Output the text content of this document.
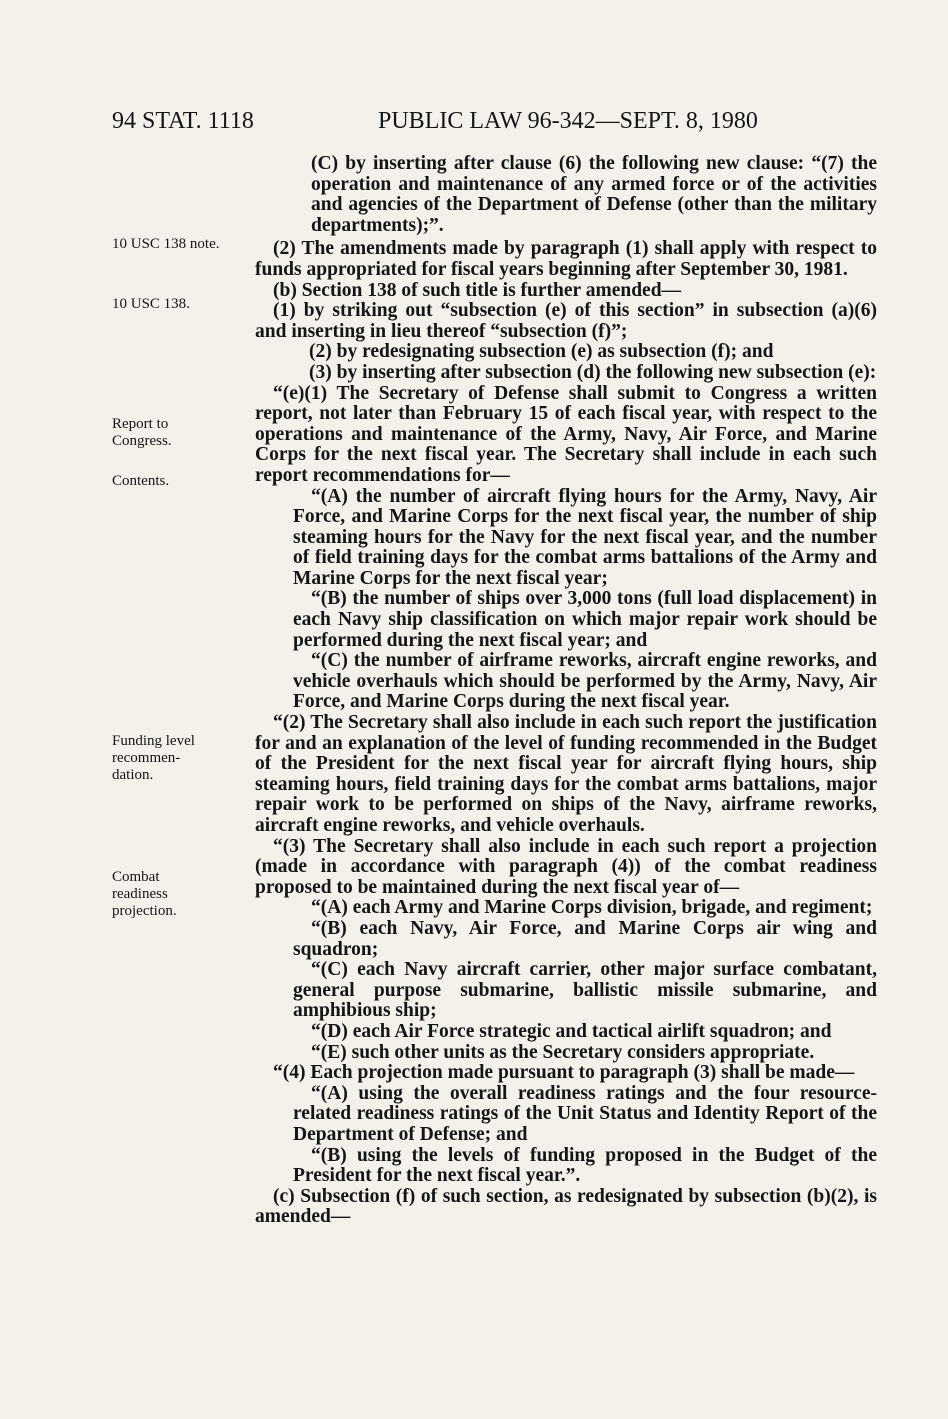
94 STAT. 1118	PUBLIC LAW 96-342—SEPT. 8, 1980
10 USC 138 note.
10 USC 138.
Report to
Congress.
Contents.
Funding level
recommen-
dation.
Combat
readiness
projection.

(C) by inserting after clause (6) the following new clause: “(7) the operation and maintenance of any armed force or of the activities and agencies of the Department of Defense (other than the military departments);”.

(2) The amendments made by paragraph (1) shall apply with respect to funds appropriated for fiscal years beginning after September 30, 1981.

(b) Section 138 of such title is further amended—

(1) by striking out “subsection (e) of this section” in subsection (a)(6) and inserting in lieu thereof “subsection (f)”;

(2) by redesignating subsection (e) as subsection (f); and

(3) by inserting after subsection (d) the following new subsection (e):

“(e)(1) The Secretary of Defense shall submit to Congress a written report, not later than February 15 of each fiscal year, with respect to the operations and maintenance of the Army, Navy, Air Force, and Marine Corps for the next fiscal year. The Secretary shall include in each such report recommendations for—

“(A) the number of aircraft flying hours for the Army, Navy, Air Force, and Marine Corps for the next fiscal year, the number of ship steaming hours for the Navy for the next fiscal year, and the number of field training days for the combat arms battalions of the Army and Marine Corps for the next fiscal year;

“(B) the number of ships over 3,000 tons (full load displacement) in each Navy ship classification on which major repair work should be performed during the next fiscal year; and

“(C) the number of airframe reworks, aircraft engine reworks, and vehicle overhauls which should be performed by the Army, Navy, Air Force, and Marine Corps during the next fiscal year.

“(2) The Secretary shall also include in each such report the justification for and an explanation of the level of funding recommended in the Budget of the President for the next fiscal year for aircraft flying hours, ship steaming hours, field training days for the combat arms battalions, major repair work to be performed on ships of the Navy, airframe reworks, aircraft engine reworks, and vehicle overhauls.

“(3) The Secretary shall also include in each such report a projection (made in accordance with paragraph (4)) of the combat readiness proposed to be maintained during the next fiscal year of—

“(A) each Army and Marine Corps division, brigade, and regiment;

“(B) each Navy, Air Force, and Marine Corps air wing and squadron;

“(C) each Navy aircraft carrier, other major surface combatant, general purpose submarine, ballistic missile submarine, and amphibious ship;

“(D) each Air Force strategic and tactical airlift squadron; and

“(E) such other units as the Secretary considers appropriate.

“(4) Each projection made pursuant to paragraph (3) shall be made—

“(A) using the overall readiness ratings and the four resource-related readiness ratings of the Unit Status and Identity Report of the Department of Defense; and

“(B) using the levels of funding proposed in the Budget of the President for the next fiscal year.”.

(c) Subsection (f) of such section, as redesignated by subsection (b)(2), is amended—
